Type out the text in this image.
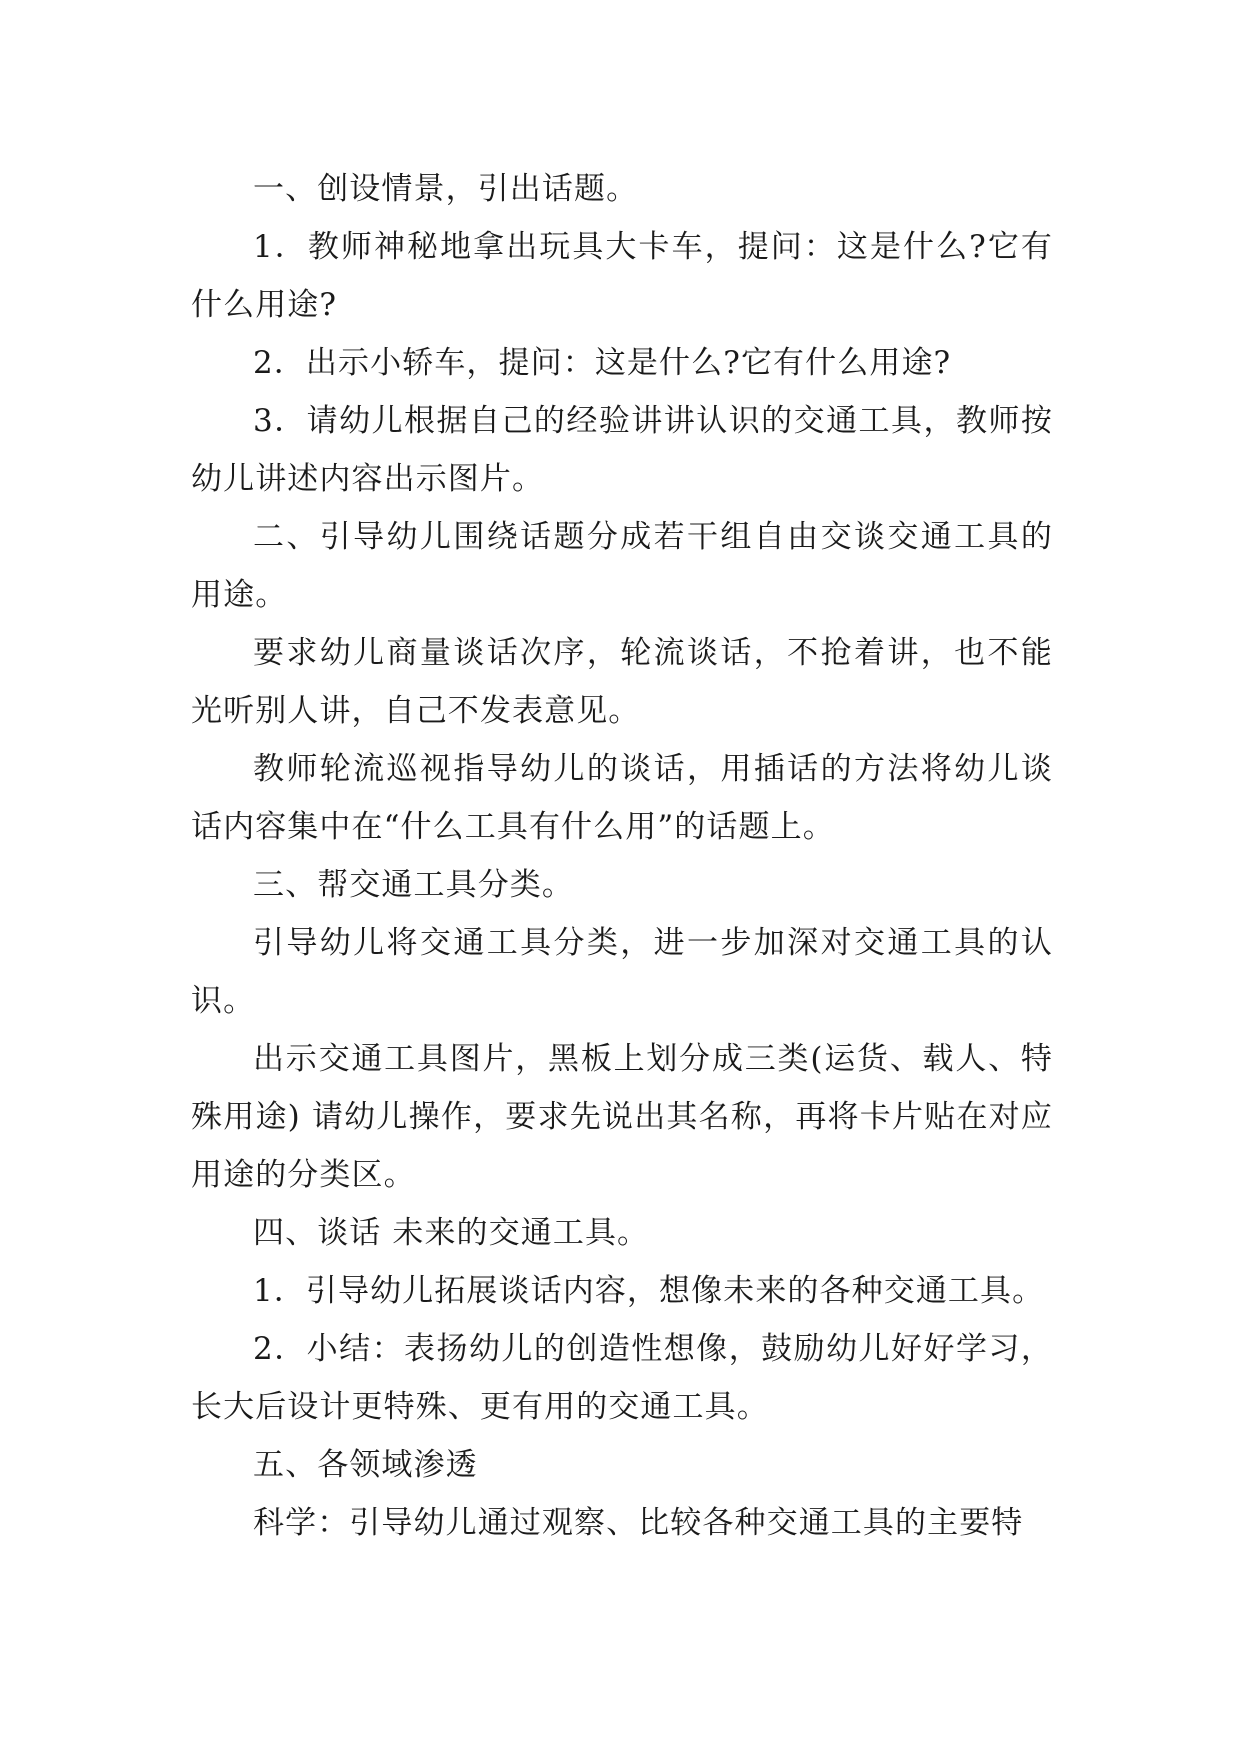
一、创设情景，引出话题。

1．教师神秘地拿出玩具大卡车，提问：这是什么?它有什么用途?

2．出示小轿车，提问：这是什么?它有什么用途?

3．请幼儿根据自己的经验讲讲认识的交通工具，教师按幼儿讲述内容出示图片。

二、引导幼儿围绕话题分成若干组自由交谈交通工具的用途。

要求幼儿商量谈话次序，轮流谈话，不抢着讲，也不能光听别人讲，自己不发表意见。

教师轮流巡视指导幼儿的谈话，用插话的方法将幼儿谈话内容集中在“什么工具有什么用”的话题上。

三、帮交通工具分类。

引导幼儿将交通工具分类，进一步加深对交通工具的认识。

出示交通工具图片，黑板上划分成三类(运货、载人、特殊用途) 请幼儿操作，要求先说出其名称，再将卡片贴在对应用途的分类区。

四、谈话 未来的交通工具。

1．引导幼儿拓展谈话内容，想像未来的各种交通工具。

2．小结：表扬幼儿的创造性想像，鼓励幼儿好好学习，长大后设计更特殊、更有用的交通工具。

五、各领域渗透

科学：引导幼儿通过观察、比较各种交通工具的主要特
